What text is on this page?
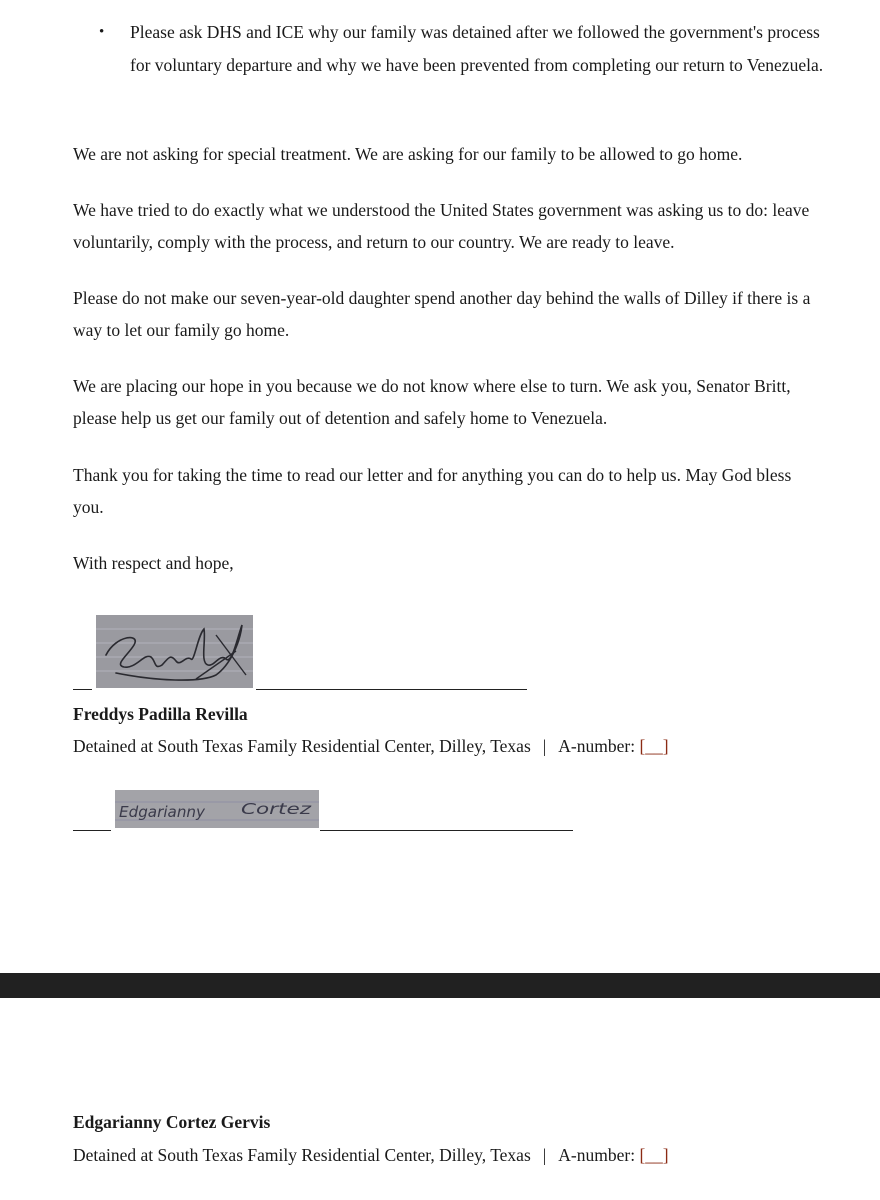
• Please ask DHS and ICE why our family was detained after we followed the government's process for voluntary departure and why we have been prevented from completing our return to Venezuela.

We are not asking for special treatment. We are asking for our family to be allowed to go home.

We have tried to do exactly what we understood the United States government was asking us to do: leave voluntarily, comply with the process, and return to our country. We are ready to leave.

Please do not make our seven-year-old daughter spend another day behind the walls of Dilley if there is a way to let our family go home.

We are placing our hope in you because we do not know where else to turn. We ask you, Senator Britt, please help us get our family out of detention and safely home to Venezuela.

Thank you for taking the time to read our letter and for anything you can do to help us. May God bless you.

With respect and hope,

Freddys Padilla Revilla
Detained at South Texas Family Residential Center, Dilley, Texas | A-number: [__]
Edgarianny Cortez
Edgarianny Cortez Gervis
Detained at South Texas Family Residential Center, Dilley, Texas | A-number: [__]
